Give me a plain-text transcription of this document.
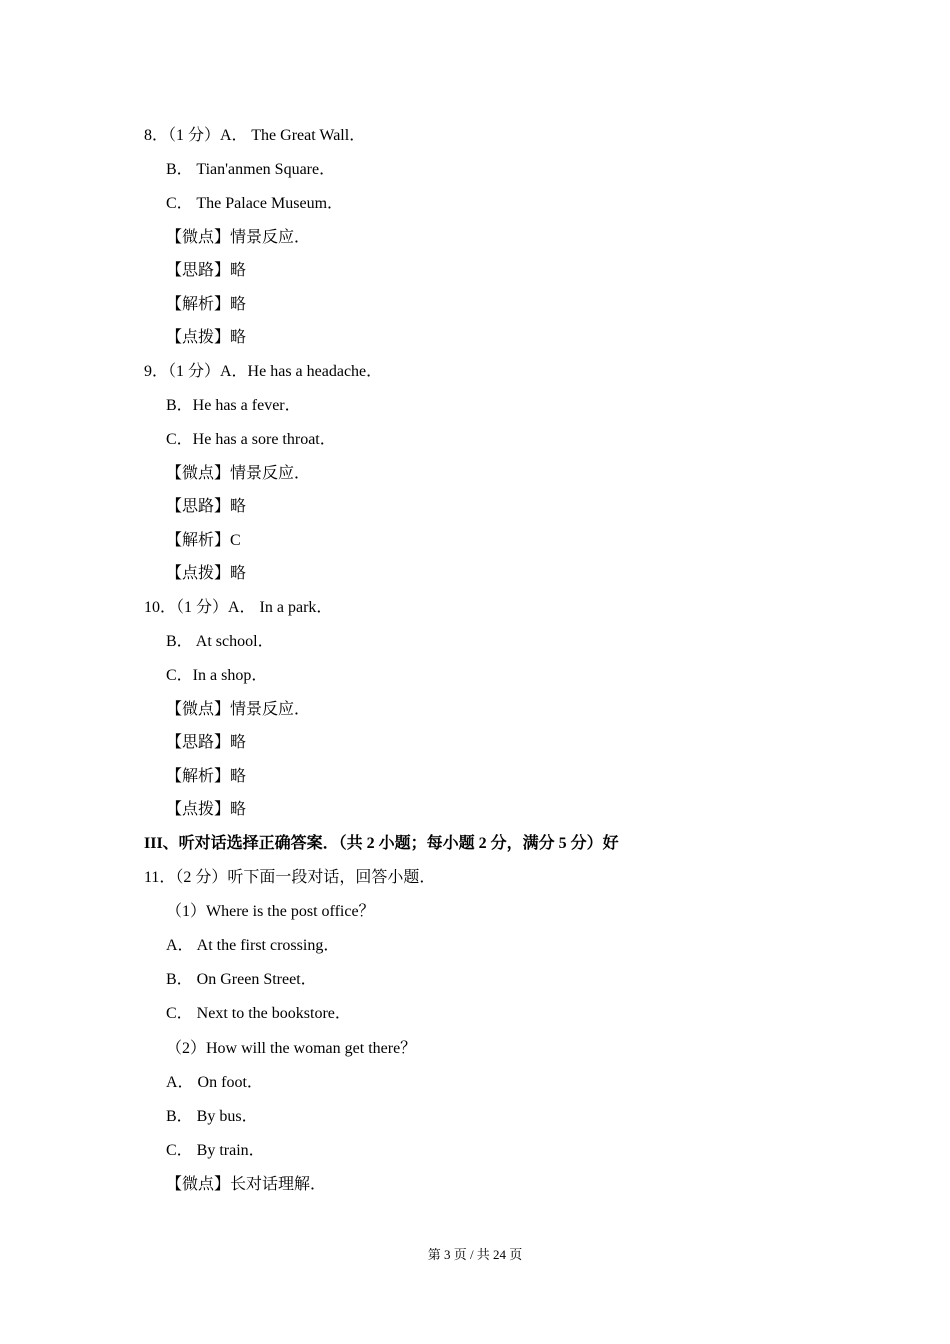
8．（1 分）A． The Great Wall．
B． Tian'anmen Square．
C． The Palace Museum．
【微点】情景反应．
【思路】略
【解析】略
【点拨】略
9．（1 分）A．He has a headache．
B．He has a fever．
C．He has a sore throat．
【微点】情景反应．
【思路】略
【解析】C
【点拨】略
10．（1 分）A． In a park．
B． At school．
C．In a shop．
【微点】情景反应．
【思路】略
【解析】略
【点拨】略
III、听对话选择正确答案．（共 2 小题；每小题 2 分，满分 5 分）好
11．（2 分）听下面一段对话，回答小题．
（1）Where is the post office？
A． At the first crossing．
B． On Green Street．
C． Next to the bookstore．
（2）How will the woman get there？
A． On foot．
B． By bus．
C． By train．
【微点】长对话理解．
第 3 页 / 共 24 页
